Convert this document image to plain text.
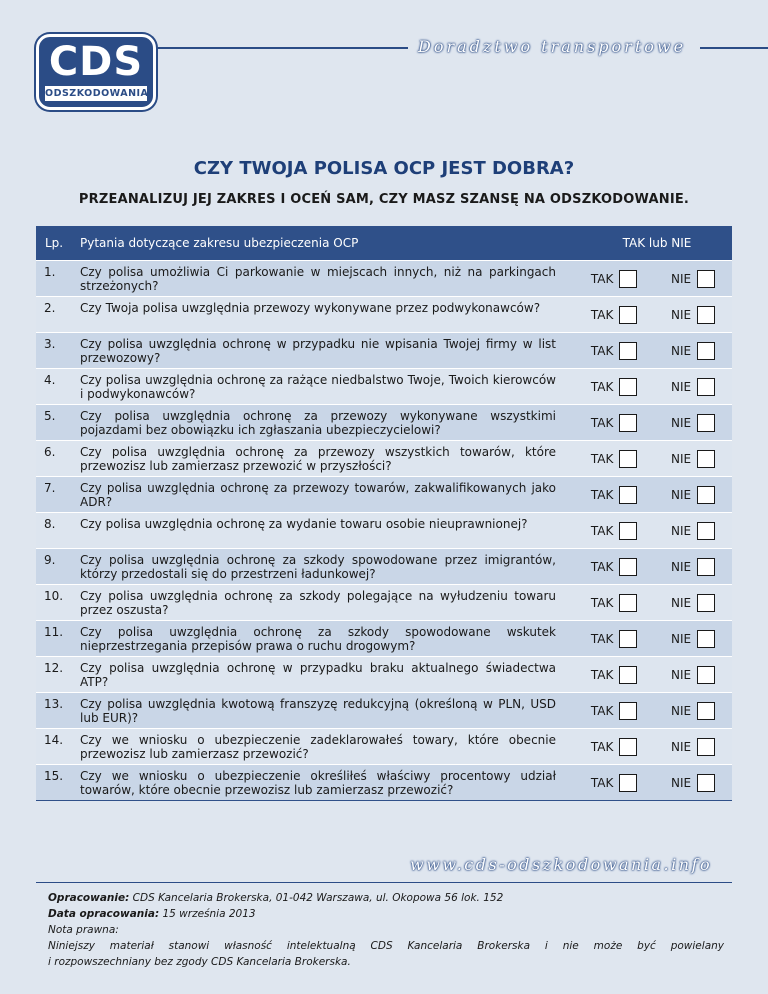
CDS
ODSZKODOWANIA
Doradztwo transportowe
CZY TWOJA POLISA OCP JEST DOBRA?
PRZEANALIZUJ JEJ ZAKRES I OCEŃ SAM, CZY MASZ SZANSĘ NA ODSZKODOWANIE.
Lp.	Pytania dotyczące zakresu ubezpieczenia OCP	TAK lub NIE
1.	Czy polisa umożliwia Ci parkowanie w miejscach innych, niż na parkingach strzeżonych?
TAK	NIE
2.	Czy Twoja polisa uwzględnia przewozy wykonywane przez podwykonawców?	TAK	NIE
3.	Czy polisa uwzględnia ochronę w przypadku nie wpisania Twojej firmy w list przewozowy?
TAK	NIE
4.	Czy polisa uwzględnia ochronę za rażące niedbalstwo Twoje, Twoich kierowców i podwykonawców?
TAK	NIE
5.	Czy polisa uwzględnia ochronę za przewozy wykonywane wszystkimi pojazdami bez obowiązku ich zgłaszania ubezpieczycielowi?
TAK	NIE
6.	Czy polisa uwzględnia ochronę za przewozy wszystkich towarów, które przewozisz lub zamierzasz przewozić w przyszłości?
TAK	NIE
7.	Czy polisa uwzględnia ochronę za przewozy towarów, zakwalifikowanych jako ADR?
TAK	NIE
8.	Czy polisa uwzględnia ochronę za wydanie towaru osobie nieuprawnionej?	TAK	NIE
9.	Czy polisa uwzględnia ochronę za szkody spowodowane przez imigrantów, którzy przedostali się do przestrzeni ładunkowej?
TAK	NIE
10.	Czy polisa uwzględnia ochronę za szkody polegające na wyłudzeniu towaru przez oszusta?
TAK	NIE
11.	Czy polisa uwzględnia ochronę za szkody spowodowane wskutek nieprzestrzegania przepisów prawa o ruchu drogowym?
TAK	NIE
12.	Czy polisa uwzględnia ochronę w przypadku braku aktualnego świadectwa ATP?
TAK	NIE
13.	Czy polisa uwzględnia kwotową franszyzę redukcyjną (określoną w PLN, USD lub EUR)?
TAK	NIE
14.	Czy we wniosku o ubezpieczenie zadeklarowałeś towary, które obecnie przewozisz lub zamierzasz przewozić?
TAK	NIE
15.	Czy we wniosku o ubezpieczenie określiłeś właściwy procentowy udział towarów, które obecnie przewozisz lub zamierzasz przewozić?
TAK	NIE
www.cds-odszkodowania.info
Opracowanie: CDS Kancelaria Brokerska, 01-042 Warszawa, ul. Okopowa 56 lok. 152
Data opracowania: 15 września 2013
Nota prawna:
Niniejszy materiał stanowi własność intelektualną CDS Kancelaria Brokerska i nie może być powielany
i rozpowszechniany bez zgody CDS Kancelaria Brokerska.
